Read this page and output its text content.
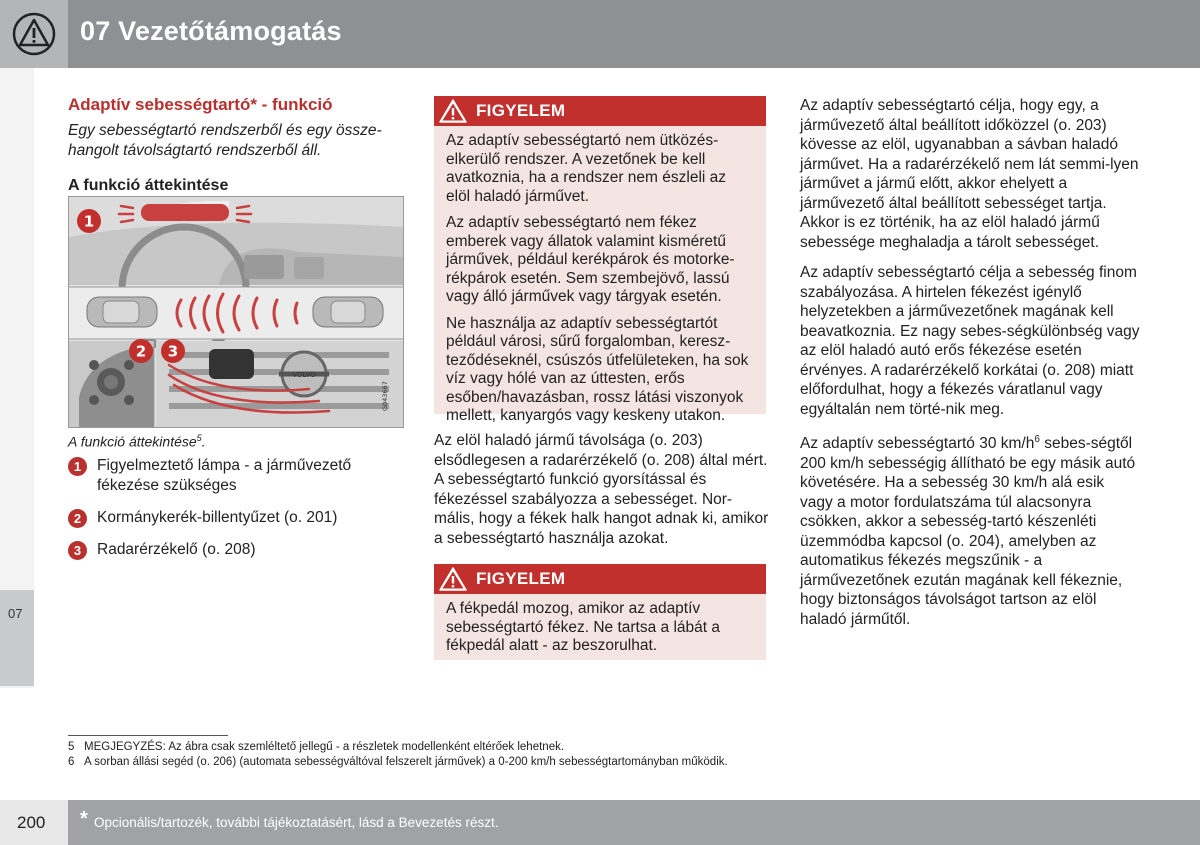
07 Vezetőtámogatás
07
Adaptív sebességtartó* - funkció

Egy sebességtartó rendszerből és egy össze-hangolt távolságtartó rendszerből áll.

A funkció áttekintése
VOLVO
G043667
1
2 3
A funkció áttekintése$^5$.
1	Figyelmeztető lámpa - a járművezető fékezése szükséges
2	Kormánykerék-billentyűzet (o. 201)
3	Radarérzékelő (o. 208)
FIGYELEM

Az adaptív sebességtartó nem ütközés-elkerülő rendszer. A vezetőnek be kell avatkoznia, ha a rendszer nem észleli az elöl haladó járművet.

Az adaptív sebességtartó nem fékez emberek vagy állatok valamint kisméretű járművek, például kerékpárok és motorke-rékpárok esetén. Sem szembejövő, lassú vagy álló járművek vagy tárgyak esetén.

Ne használja az adaptív sebességtartót például városi, sűrű forgalomban, keresz-teződéseknél, csúszós útfelületeken, ha sok víz vagy hólé van az úttesten, erős esőben/havazásban, rossz látási viszonyok mellett, kanyargós vagy keskeny utakon.

Az elöl haladó jármű távolsága (o. 203) elsődlegesen a radarérzékelő (o. 208) által mért. A sebességtartó funkció gyorsítással és fékezéssel szabályozza a sebességet. Nor-mális, hogy a fékek halk hangot adnak ki, amikor a sebességtartó használja azokat.

FIGYELEM

A fékpedál mozog, amikor az adaptív sebességtartó fékez. Ne tartsa a lábát a fékpedál alatt - az beszorulhat.

Az adaptív sebességtartó célja, hogy egy, a járművezető által beállított időközzel (o. 203) kövesse az elöl, ugyanabban a sávban haladó járművet. Ha a radarérzékelő nem lát semmi-lyen járművet a jármű előtt, akkor ehelyett a járművezető által beállított sebességet tartja. Akkor is ez történik, ha az elöl haladó jármű sebessége meghaladja a tárolt sebességet.

Az adaptív sebességtartó célja a sebesség finom szabályozása. A hirtelen fékezést igénylő helyzetekben a járművezetőnek magának kell beavatkoznia. Ez nagy sebes-ségkülönbség vagy az elöl haladó autó erős fékezése esetén érvényes. A radarérzékelő korkátai (o. 208) miatt előfordulhat, hogy a fékezés váratlanul vagy egyáltalán nem törté-nik meg.

Az adaptív sebességtartó 30 $km/h^6$ sebes-ségtől 200 km/h sebességig állítható be egy másik autó követésére. Ha a sebesség 30 km/h alá esik vagy a motor fordulatszáma túl alacsonyra csökken, akkor a sebesség-tartó készenléti üzemmódba kapcsol (o. 204), amelyben az automatikus fékezés megszűnik - a járművezetőnek ezután magának kell fékeznie, hogy biztonságos távolságot tartson az elöl haladó járműtől.

5 MEGJEGYZÉS: Az ábra csak szemléltető jellegű - a részletek modellenként eltérőek lehetnek.
6 A sorban állási segéd (o. 206) (automata sebességváltóval felszerelt járművek) a 0-200 km/h sebességtartományban működik.
200 * Opcionális/tartozék, további tájékoztatásért, lásd a Bevezetés részt.
